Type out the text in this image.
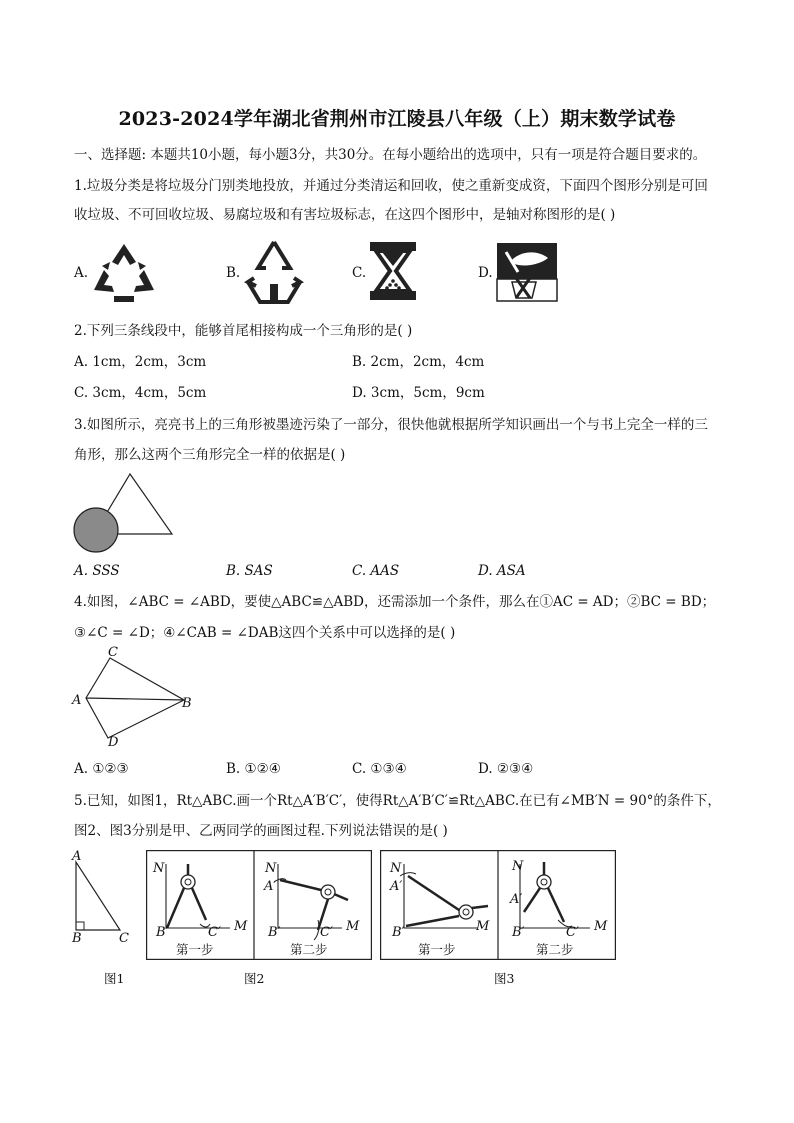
2023-2024学年湖北省荆州市江陵县八年级（上）期末数学试卷
一、选择题: 本题共10小题，每小题3分，共30分。在每小题给出的选项中，只有一项是符合题目要求的。
1.垃圾分类是将垃圾分门别类地投放，并通过分类清运和回收，使之重新变成资，下面四个图形分别是可回
收垃圾、不可回收垃圾、易腐垃圾和有害垃圾标志，在这四个图形中，是轴对称图形的是( )
A.	B.	C.	D.
2.下列三条线段中，能够首尾相接构成一个三角形的是( )
A. 1cm，2cm，3cm	B. 2cm，2cm，4cm
C. 3cm，4cm，5cm	D. 3cm，5cm，9cm
3.如图所示，亮亮书上的三角形被墨迹污染了一部分，很快他就根据所学知识画出一个与书上完全一样的三
角形，那么这两个三角形完全一样的依据是( )
A. SSS	B. SAS	C. AAS	D. ASA
4.如图，∠ABC = ∠ABD，要使△ABC≌△ABD，还需添加一个条件，那么在①AC = AD；②BC = BD；
③∠C = ∠D；④∠CAB = ∠DAB这四个关系中可以选择的是( )
C
A	B
D
A. ①②③	B. ①②④	C. ①③④	D. ②③④
5.已知，如图1，Rt△ABC.画一个Rt△A′B′C′，使得Rt△A′B′C′≌Rt△ABC.在已有∠MB′N = 90°的条件下，
图2、图3分别是甲、乙两同学的画图过程.下列说法错误的是( )
A
B	C
图1
N
B′	C′ M
第一步
N
A′
B′	C′ M
第二步
图2
N
A′
B′	M
第一步
N
A′
B′	C′ M
第二步
图3
